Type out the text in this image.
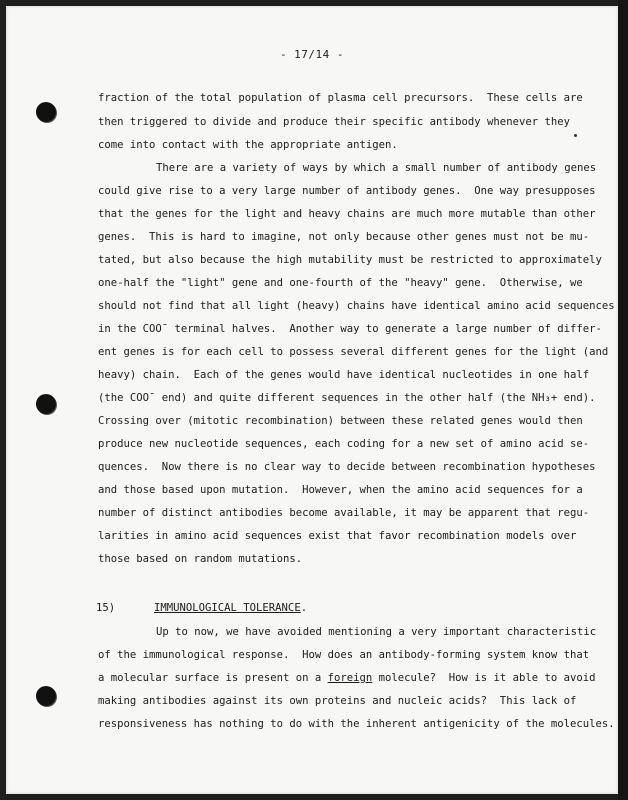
- 17/14 -
fraction of the total population of plasma cell precursors.  These cells are
then triggered to divide and produce their specific antibody whenever they
come into contact with the appropriate antigen.
There are a variety of ways by which a small number of antibody genes
could give rise to a very large number of antibody genes.  One way presupposes
that the genes for the light and heavy chains are much more mutable than other
genes.  This is hard to imagine, not only because other genes must not be mu-
tated, but also because the high mutability must be restricted to approximately
one-half the "light" gene and one-fourth of the "heavy" gene.  Otherwise, we
should not find that all light (heavy) chains have identical amino acid sequences
in the COO¯ terminal halves.  Another way to generate a large number of differ-
ent genes is for each cell to possess several different genes for the light (and
heavy) chain.  Each of the genes would have identical nucleotides in one half
(the COO¯ end) and quite different sequences in the other half (the NH₃+ end).
Crossing over (mitotic recombination) between these related genes would then
produce new nucleotide sequences, each coding for a new set of amino acid se-
quences.  Now there is no clear way to decide between recombination hypotheses
and those based upon mutation.  However, when the amino acid sequences for a
number of distinct antibodies become available, it may be apparent that regu-
larities in amino acid sequences exist that favor recombination models over
those based on random mutations.
15)	IMMUNOLOGICAL TOLERANCE.
Up to now, we have avoided mentioning a very important characteristic
of the immunological response.  How does an antibody-forming system know that
a molecular surface is present on a foreign molecule?  How is it able to avoid
making antibodies against its own proteins and nucleic acids?  This lack of
responsiveness has nothing to do with the inherent antigenicity of the molecules.
